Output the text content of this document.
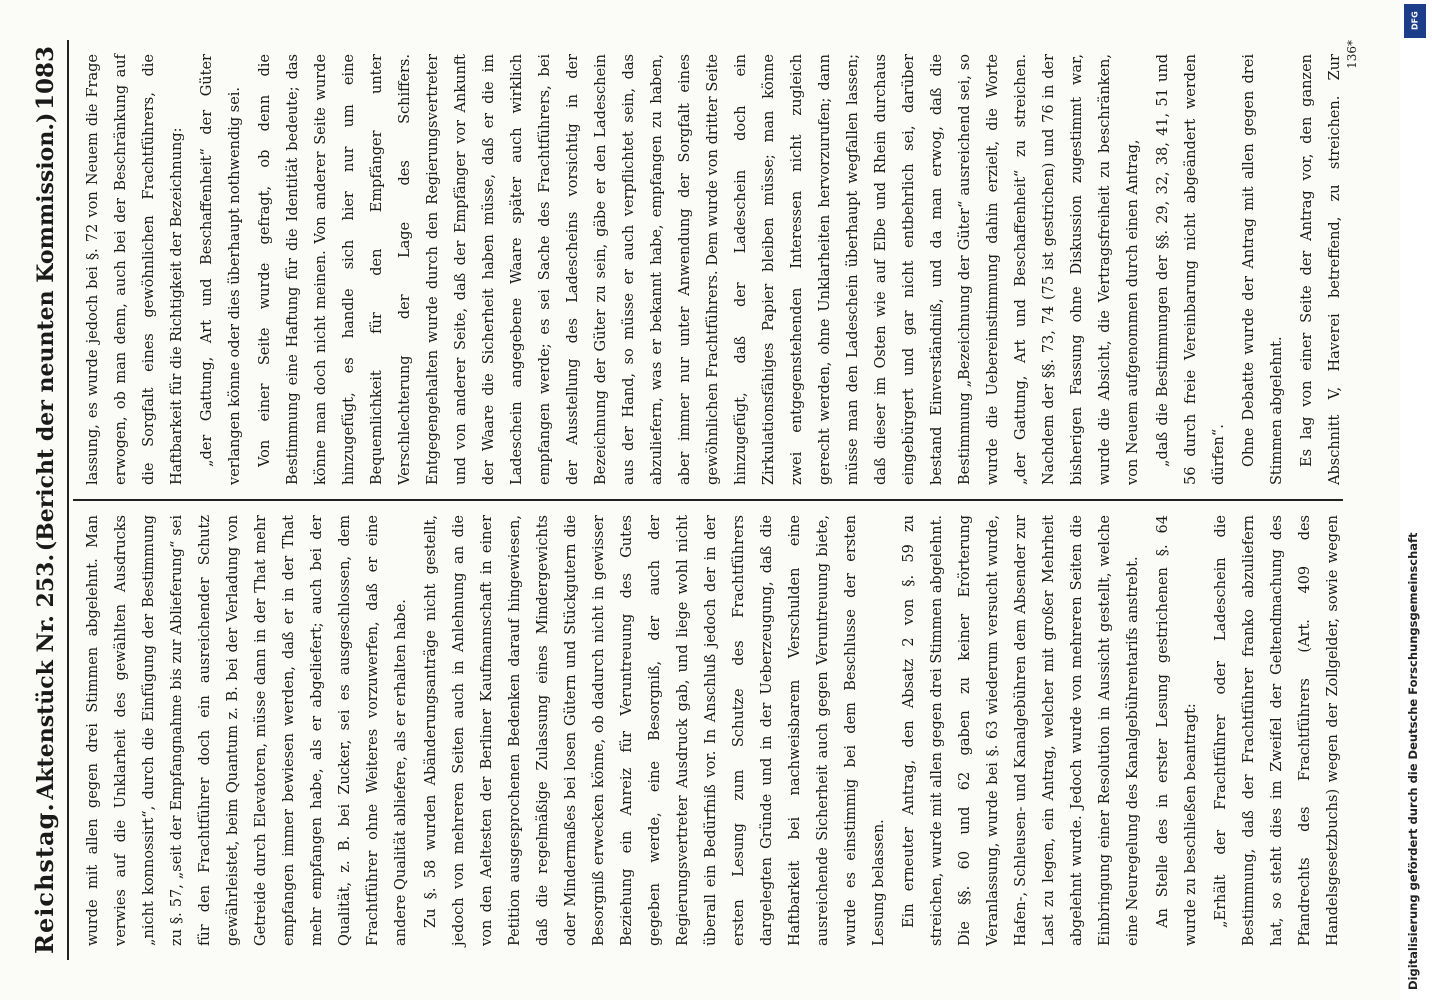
Reichstag.
Aktenstück Nr. 253.
(Bericht der neunten Kommission.)
1083

wurde mit allen gegen drei Stimmen abgelehnt. Man verwies auf die Unklarheit des gewählten Ausdrucks „nicht konnossirt“, durch die Einfügung der Bestimmung zu §. 57, „seit der Empfangnahme bis zur Ablieferung“ sei für den Frachtführer doch ein ausreichender Schutz gewährleistet, beim Quantum z. B. bei der Verladung von Getreide durch Elevatoren, müsse dann in der That mehr empfangen immer bewiesen werden, daß er in der That mehr empfangen habe, als er abgeliefert; auch bei der Qualität, z. B. bei Zucker, sei es ausgeschlossen, dem Frachtführer ohne Weiteres vorzuwerfen, daß er eine andere Qualität abliefere, als er erhalten habe. Zu §. 58 wurden Abänderungsanträge nicht gestellt, jedoch von mehreren Seiten auch in Anlehnung an die von den Aeltesten der Berliner Kaufmannschaft in einer Petition ausgesprochenen Bedenken darauf hingewiesen, daß die regelmäßige Zulassung eines Mindergewichts oder Mindermaßes bei losen Gütern und Stückgutern die Besorgniß erwecken könne, ob dadurch nicht in gewisser Beziehung ein Anreiz für Veruntreuung des Gutes gegeben werde, eine Besorgniß, der auch der Regierungsvertreter Ausdruck gab, und liege wohl nicht überall ein Bedürfniß vor. In Anschluß jedoch der in der ersten Lesung zum Schutze des Frachtführers dargelegten Gründe und in der Ueberzeugung, daß die Haftbarkeit bei nachweisbarem Verschulden eine ausreichende Sicherheit auch gegen Veruntreuung biete, wurde es einstimmig bei dem Beschlusse der ersten Lesung belassen. Ein erneuter Antrag, den Absatz 2 von §. 59 zu streichen, wurde mit allen gegen drei Stimmen abgelehnt. Die §§. 60 und 62 gaben zu keiner Erörterung Veranlassung, wurde bei §. 63 wiederum versucht wurde, Hafen-, Schleusen- und Kanalgebühren dem Absender zur Last zu legen, ein Antrag, welcher mit großer Mehrheit abgelehnt wurde. Jedoch wurde von mehreren Seiten die Einbringung einer Resolution in Aussicht gestellt, welche eine Neuregelung des Kanalgebührentarifs anstrebt. An Stelle des in erster Lesung gestrichenen §. 64 wurde zu beschließen beantragt: „Erhält der Frachtführer oder Ladeschein die Bestimmung, daß der Frachtführer franko abzuliefern hat, so steht dies im Zweifel der Geltendmachung des Pfandrechts des Frachtführers (Art. 409 des Handelsgesetzbuchs) wegen der Zollgelder, sowie wegen

lassung, es wurde jedoch bei §. 72 von Neuem die Frage erwogen, ob man denn, auch bei der Beschränkung auf die Sorgfalt eines gewöhnlichen Frachtführers, die Haftbarkeit für die Richtigkeit der Bezeichnung: „der Gattung, Art und Beschaffenheit“ der Güter verlangen könne oder dies überhaupt nothwendig sei. Von einer Seite wurde gefragt, ob denn die Bestimmung eine Haftung für die Identität bedeute; das könne man doch nicht meinen. Von anderer Seite wurde hinzugefügt, es handle sich hier nur um eine Bequemlichkeit für den Empfänger unter Verschlechterung der Lage des Schiffers. Entgegengehalten wurde durch den Regierungsvertreter und von anderer Seite, daß der Empfänger vor Ankunft der Waare die Sicherheit haben müsse, daß er die im Ladeschein angegebene Waare später auch wirklich empfangen werde; es sei Sache des Frachtführers, bei der Ausstellung des Ladescheins vorsichtig in der Bezeichnung der Güter zu sein, gäbe er den Ladeschein aus der Hand, so müsse er auch verpflichtet sein, das abzuliefern, was er bekannt habe, empfangen zu haben, aber immer nur unter Anwendung der Sorgfalt eines gewöhnlichen Frachtführers. Dem wurde von dritter Seite hinzugefügt, daß der Ladeschein doch ein Zirkulationsfähiges Papier bleiben müsse; man könne zwei entgegenstehenden Interessen nicht zugleich gerecht werden, ohne Unklarheiten hervorzurufen; dann müsse man den Ladeschein überhaupt wegfallen lassen; daß dieser im Osten wie auf Elbe und Rhein durchaus eingebürgert und gar nicht entbehrlich sei, darüber bestand Einverständniß, und da man erwog, daß die Bestimmung „Bezeichnung der Güter“ ausreichend sei, so wurde die Uebereinstimmung dahin erzielt, die Worte „der Gattung, Art und Beschaffenheit“ zu streichen. Nachdem der §§. 73, 74 (75 ist gestrichen) und 76 in der bisherigen Fassung ohne Diskussion zugestimmt war, wurde die Absicht, die Vertragsfreiheit zu beschränken, von Neuem aufgenommen durch einen Antrag, „daß die Bestimmungen der §§. 29, 32, 38, 41, 51 und 56 durch freie Vereinbarung nicht abgeändert werden dürfen“. Ohne Debatte wurde der Antrag mit allen gegen drei Stimmen abgelehnt. Es lag von einer Seite der Antrag vor, den ganzen Abschnitt V, Haverei betreffend, zu streichen. Zur 136*
DFG
Digitalisierung gefördert durch die Deutsche Forschungsgemeinschaft
